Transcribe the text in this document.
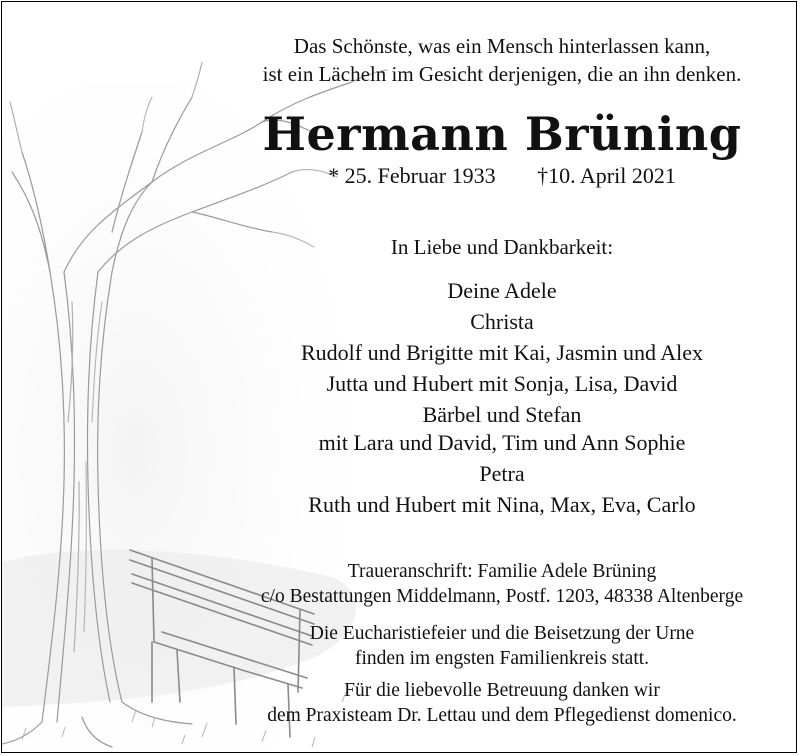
Das Schönste, was ein Mensch hinterlassen kann,
ist ein Lächeln im Gesicht derjenigen, die an ihn denken.
Hermann Brüning
* 25. Februar 1933 †10. April 2021
In Liebe und Dankbarkeit:
Deine Adele
Christa
Rudolf und Brigitte mit Kai, Jasmin und Alex
Jutta und Hubert mit Sonja, Lisa, David
Bärbel und Stefan
mit Lara und David, Tim und Ann Sophie
Petra
Ruth und Hubert mit Nina, Max, Eva, Carlo
Traueranschrift: Familie Adele Brüning
c/o Bestattungen Middelmann, Postf. 1203, 48338 Altenberge
Die Eucharistiefeier und die Beisetzung der Urne
finden im engsten Familienkreis statt.
Für die liebevolle Betreuung danken wir
dem Praxisteam Dr. Lettau und dem Pflegedienst domenico.
